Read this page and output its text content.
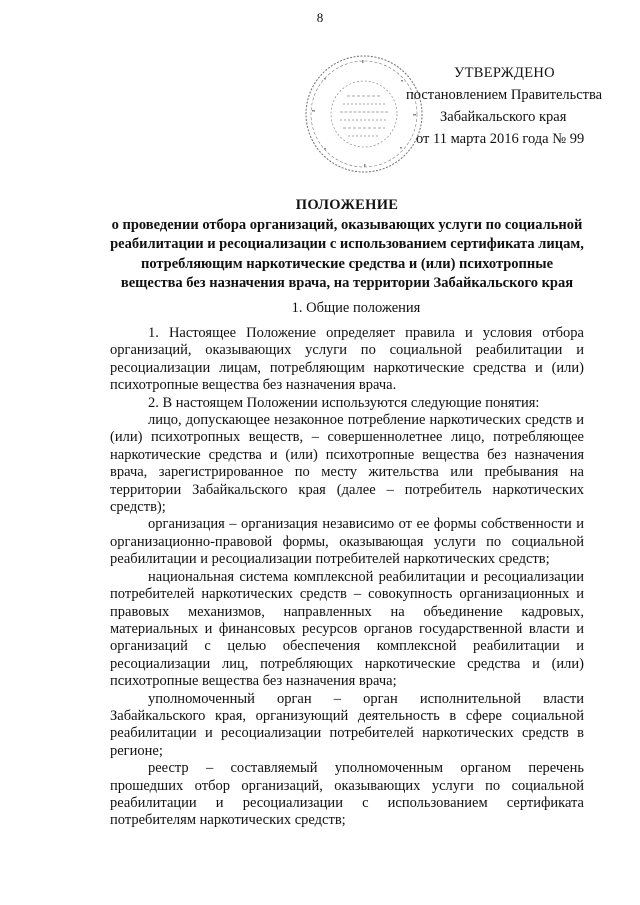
8
УТВЕРЖДЕНО
постановлением Правительства
Забайкальского края
от 11 марта 2016 года № 99
ПОЛОЖЕНИЕ
о проведении отбора организаций, оказывающих услуги по социальной реабилитации и ресоциализации с использованием сертификата лицам, потребляющим наркотические средства и (или) психотропные вещества без назначения врача, на территории Забайкальского края
1. Общие положения

1. Настоящее Положение определяет правила и условия отбора организаций, оказывающих услуги по социальной реабилитации и ресоциализации лицам, потребляющим наркотические средства и (или) психотропные вещества без назначения врача.

2. В настоящем Положении используются следующие понятия:

лицо, допускающее незаконное потребление наркотических средств и (или) психотропных веществ, – совершеннолетнее лицо, потребляющее наркотические средства и (или) психотропные вещества без назначения врача, зарегистрированное по месту жительства или пребывания на территории Забайкальского края (далее – потребитель наркотических средств);

организация – организация независимо от ее формы собственности и организационно-правовой формы, оказывающая услуги по социальной реабилитации и ресоциализации потребителей наркотических средств;

национальная система комплексной реабилитации и ресоциализации потребителей наркотических средств – совокупность организационных и правовых механизмов, направленных на объединение кадровых, материальных и финансовых ресурсов органов государственной власти и организаций с целью обеспечения комплексной реабилитации и ресоциализации лиц, потребляющих наркотические средства и (или) психотропные вещества без назначения врача;

уполномоченный орган – орган исполнительной власти Забайкальского края, организующий деятельность в сфере социальной реабилитации и ресоциализации потребителей наркотических средств в регионе;

реестр – составляемый уполномоченным органом перечень прошедших отбор организаций, оказывающих услуги по социальной реабилитации и ресоциализации с использованием сертификата потребителям наркотических средств;
